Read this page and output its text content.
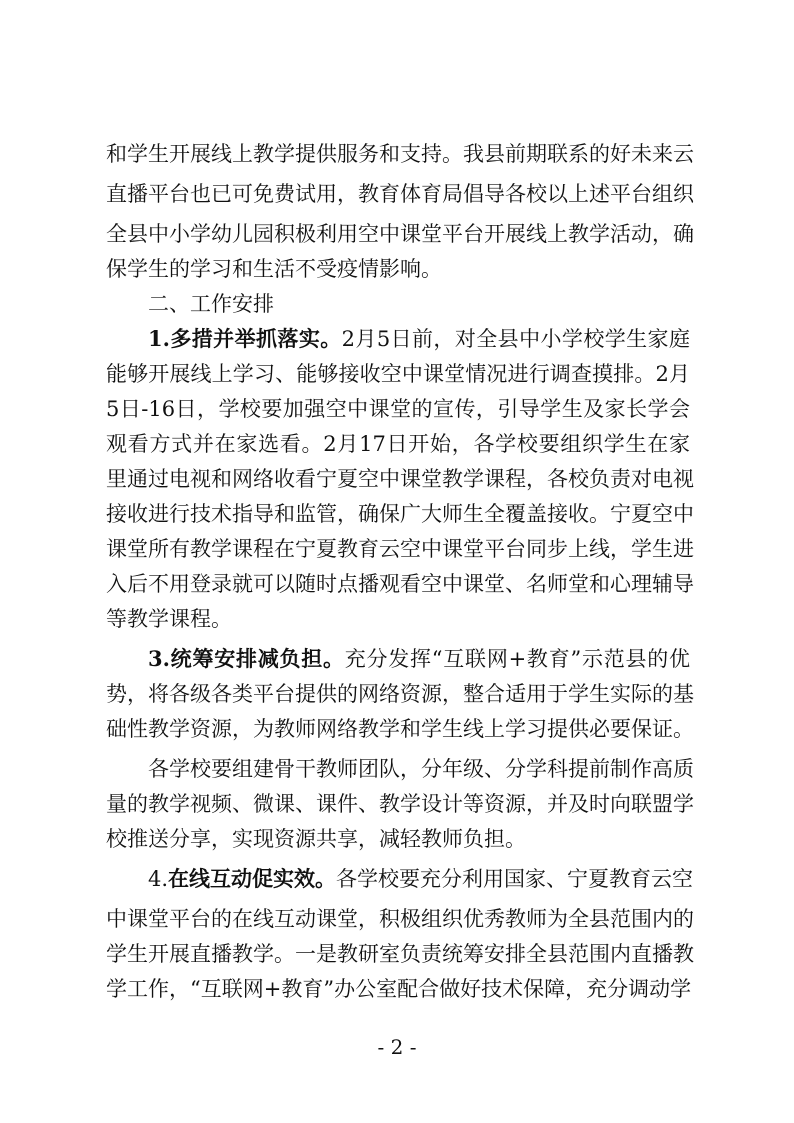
和学生开展线上教学提供服务和支持。我县前期联系的好未来云
直播平台也已可免费试用，教育体育局倡导各校以上述平台组织
全县中小学幼儿园积极利用空中课堂平台开展线上教学活动，确
保学生的学习和生活不受疫情影响。
二、工作安排
1.多措并举抓落实。2月5日前，对全县中小学校学生家庭
能够开展线上学习、能够接收空中课堂情况进行调查摸排。2月
5日-16日，学校要加强空中课堂的宣传，引导学生及家长学会
观看方式并在家选看。2月17日开始，各学校要组织学生在家
里通过电视和网络收看宁夏空中课堂教学课程，各校负责对电视
接收进行技术指导和监管，确保广大师生全覆盖接收。宁夏空中
课堂所有教学课程在宁夏教育云空中课堂平台同步上线，学生进
入后不用登录就可以随时点播观看空中课堂、名师堂和心理辅导
等教学课程。
3.统筹安排减负担。充分发挥“互联网+教育”示范县的优
势，将各级各类平台提供的网络资源，整合适用于学生实际的基
础性教学资源，为教师网络教学和学生线上学习提供必要保证。
各学校要组建骨干教师团队，分年级、分学科提前制作高质
量的教学视频、微课、课件、教学设计等资源，并及时向联盟学
校推送分享，实现资源共享，减轻教师负担。
4.在线互动促实效。各学校要充分利用国家、宁夏教育云空
中课堂平台的在线互动课堂，积极组织优秀教师为全县范围内的
学生开展直播教学。一是教研室负责统筹安排全县范围内直播教
学工作，“互联网+教育”办公室配合做好技术保障，充分调动学
- 2 -
